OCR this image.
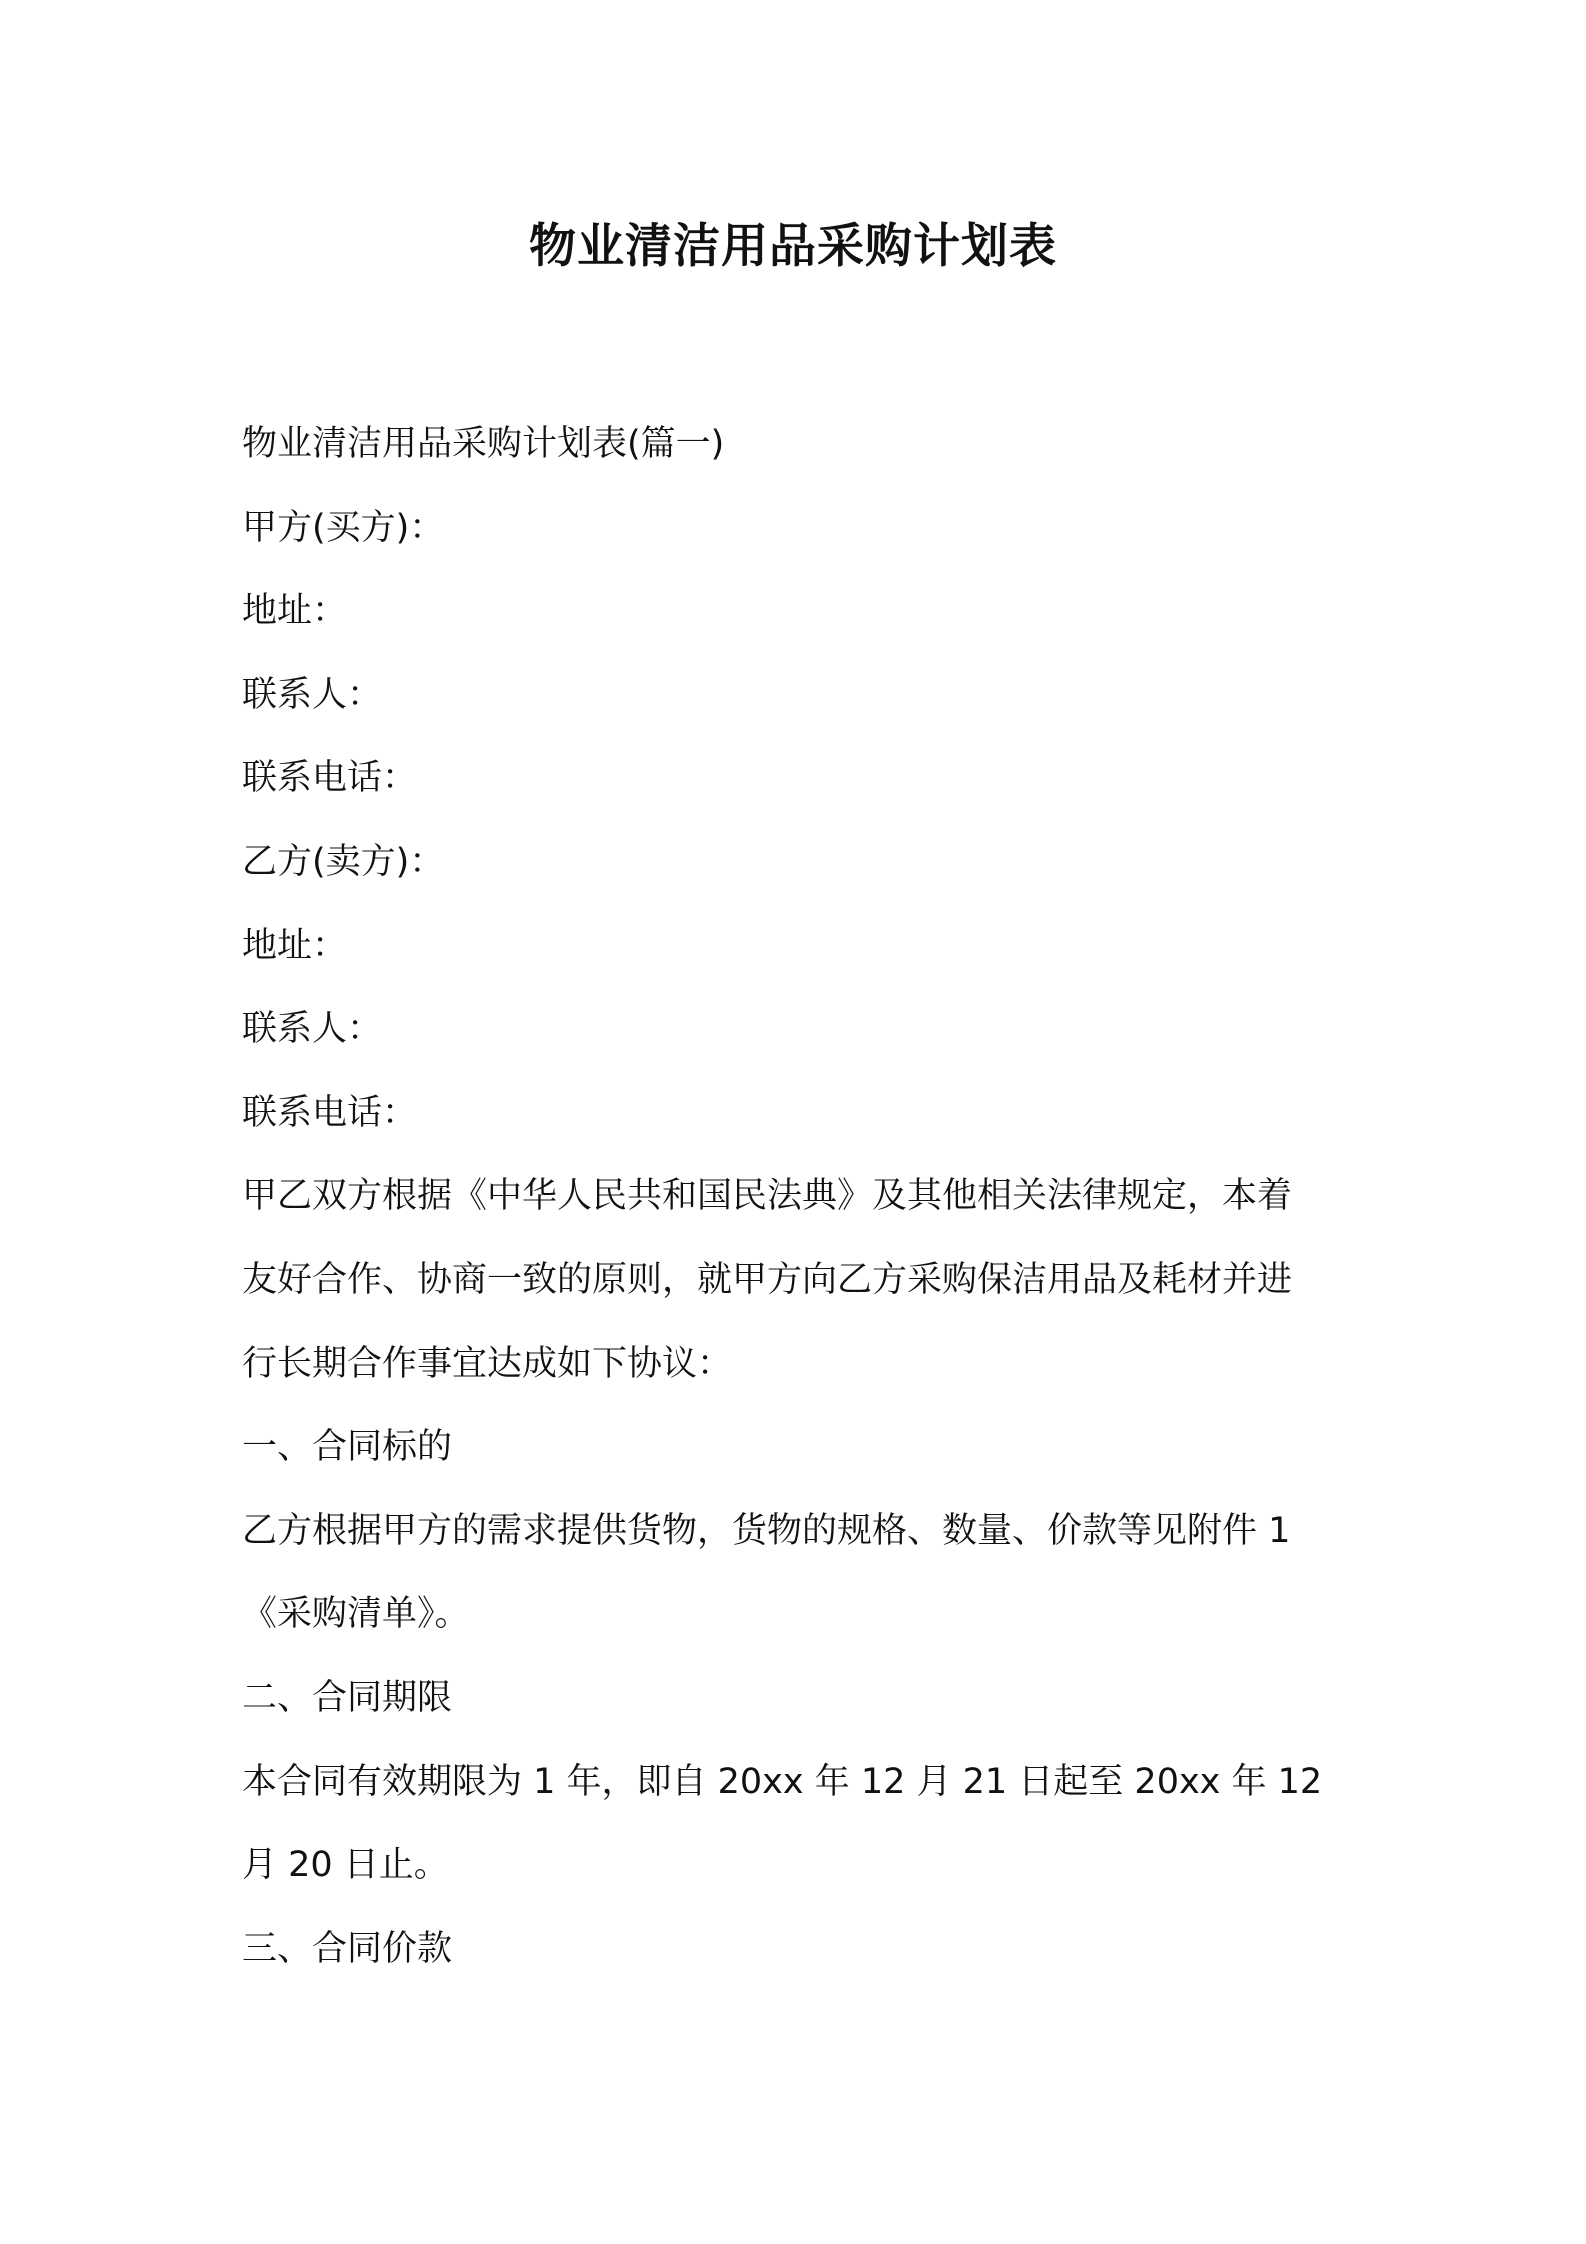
物业清洁用品采购计划表

物业清洁用品采购计划表(篇一)

甲方(买方)：

地址：

联系人：

联系电话：

乙方(卖方)：

地址：

联系人：

联系电话：

甲乙双方根据《中华人民共和国民法典》及其他相关法律规定，本着

友好合作、协商一致的原则，就甲方向乙方采购保洁用品及耗材并进

行长期合作事宜达成如下协议：

一、合同标的

乙方根据甲方的需求提供货物，货物的规格、数量、价款等见附件 1

《采购清单》。

二、合同期限

本合同有效期限为 1 年，即自 20xx 年 12 月 21 日起至 20xx 年 12

月 20 日止。

三、合同价款
